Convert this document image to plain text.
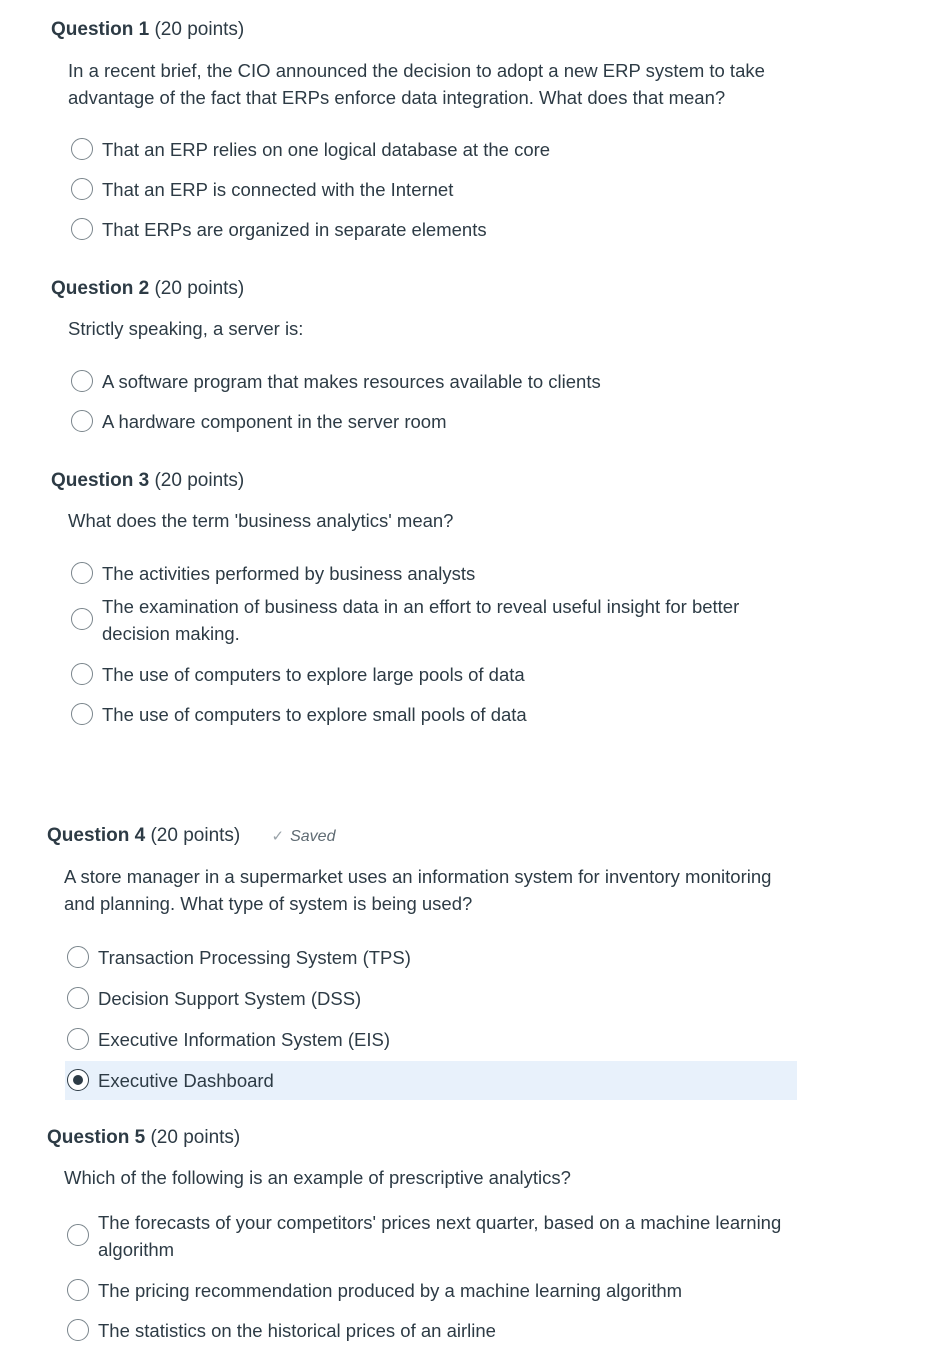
Question 1 (20 points)
In a recent brief, the CIO announced the decision to adopt a new ERP system to take advantage of the fact that ERPs enforce data integration. What does that mean?
That an ERP relies on one logical database at the core
That an ERP is connected with the Internet
That ERPs are organized in separate elements
Question 2 (20 points)
Strictly speaking, a server is:
A software program that makes resources available to clients
A hardware component in the server room
Question 3 (20 points)
What does the term 'business analytics' mean?
The activities performed by business analysts
The examination of business data in an effort to reveal useful insight for better decision making.
The use of computers to explore large pools of data
The use of computers to explore small pools of data
Question 4 (20 points) ✓ Saved
A store manager in a supermarket uses an information system for inventory monitoring and planning. What type of system is being used?
Transaction Processing System (TPS)
Decision Support System (DSS)
Executive Information System (EIS)
Executive Dashboard
Question 5 (20 points)
Which of the following is an example of prescriptive analytics?
The forecasts of your competitors' prices next quarter, based on a machine learning algorithm
The pricing recommendation produced by a machine learning algorithm
The statistics on the historical prices of an airline
